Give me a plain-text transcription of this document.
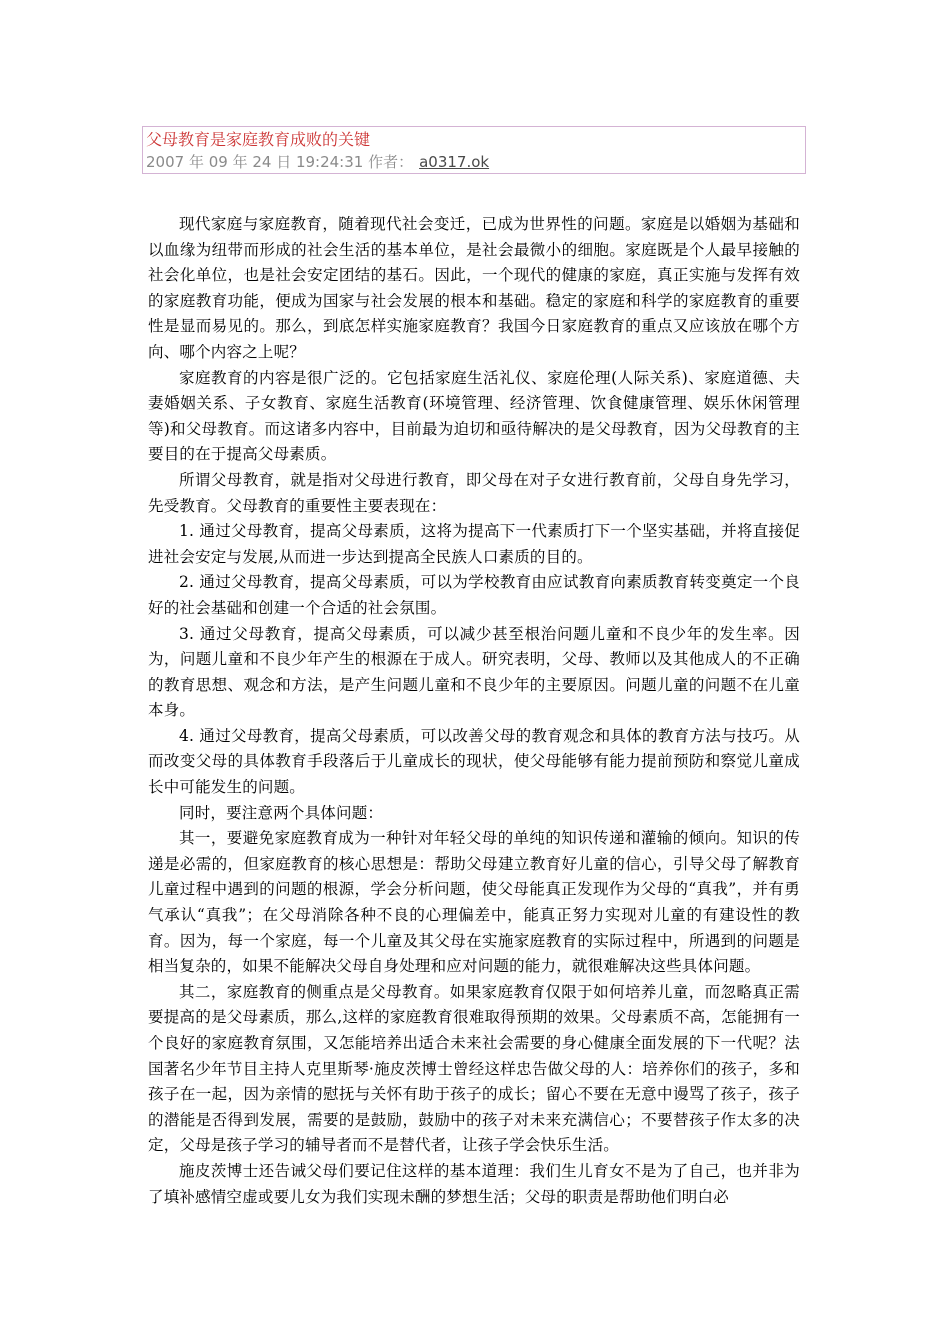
父母教育是家庭教育成败的关键
2007 年 09 年 24 日 19:24:31 作者： a0317.ok

现代家庭与家庭教育，随着现代社会变迁，已成为世界性的问题。家庭是以婚姻为基础和以血缘为纽带而形成的社会生活的基本单位，是社会最微小的细胞。家庭既是个人最早接触的社会化单位，也是社会安定团结的基石。因此，一个现代的健康的家庭，真正实施与发挥有效的家庭教育功能，便成为国家与社会发展的根本和基础。稳定的家庭和科学的家庭教育的重要性是显而易见的。那么，到底怎样实施家庭教育？我国今日家庭教育的重点又应该放在哪个方向、哪个内容之上呢？

家庭教育的内容是很广泛的。它包括家庭生活礼仪、家庭伦理(人际关系)、家庭道德、夫妻婚姻关系、子女教育、家庭生活教育(环境管理、经济管理、饮食健康管理、娱乐休闲管理等)和父母教育。而这诸多内容中，目前最为迫切和亟待解决的是父母教育，因为父母教育的主要目的在于提高父母素质。

所谓父母教育，就是指对父母进行教育，即父母在对子女进行教育前，父母自身先学习，先受教育。父母教育的重要性主要表现在：

1. 通过父母教育，提高父母素质，这将为提高下一代素质打下一个坚实基础，并将直接促进社会安定与发展,从而进一步达到提高全民族人口素质的目的。

2. 通过父母教育，提高父母素质，可以为学校教育由应试教育向素质教育转变奠定一个良好的社会基础和创建一个合适的社会氛围。

3. 通过父母教育，提高父母素质，可以减少甚至根治问题儿童和不良少年的发生率。因为，问题儿童和不良少年产生的根源在于成人。研究表明，父母、教师以及其他成人的不正确的教育思想、观念和方法，是产生问题儿童和不良少年的主要原因。问题儿童的问题不在儿童本身。

4. 通过父母教育，提高父母素质，可以改善父母的教育观念和具体的教育方法与技巧。从而改变父母的具体教育手段落后于儿童成长的现状，使父母能够有能力提前预防和察觉儿童成长中可能发生的问题。

同时，要注意两个具体问题：

其一，要避免家庭教育成为一种针对年轻父母的单纯的知识传递和灌输的倾向。知识的传递是必需的，但家庭教育的核心思想是：帮助父母建立教育好儿童的信心，引导父母了解教育儿童过程中遇到的问题的根源，学会分析问题，使父母能真正发现作为父母的“真我”，并有勇气承认“真我”；在父母消除各种不良的心理偏差中，能真正努力实现对儿童的有建设性的教育。因为，每一个家庭，每一个儿童及其父母在实施家庭教育的实际过程中，所遇到的问题是相当复杂的，如果不能解决父母自身处理和应对问题的能力，就很难解决这些具体问题。

其二，家庭教育的侧重点是父母教育。如果家庭教育仅限于如何培养儿童，而忽略真正需要提高的是父母素质，那么,这样的家庭教育很难取得预期的效果。父母素质不高，怎能拥有一个良好的家庭教育氛围，又怎能培养出适合未来社会需要的身心健康全面发展的下一代呢？法国著名少年节目主持人克里斯琴·施皮茨博士曾经这样忠告做父母的人：培养你们的孩子，多和孩子在一起，因为亲情的慰抚与关怀有助于孩子的成长；留心不要在无意中谩骂了孩子，孩子的潜能是否得到发展，需要的是鼓励，鼓励中的孩子对未来充满信心；不要替孩子作太多的决定，父母是孩子学习的辅导者而不是替代者，让孩子学会快乐生活。

施皮茨博士还告诫父母们要记住这样的基本道理：我们生儿育女不是为了自己，也并非为了填补感情空虚或要儿女为我们实现未酬的梦想生活；父母的职责是帮助他们明白必
